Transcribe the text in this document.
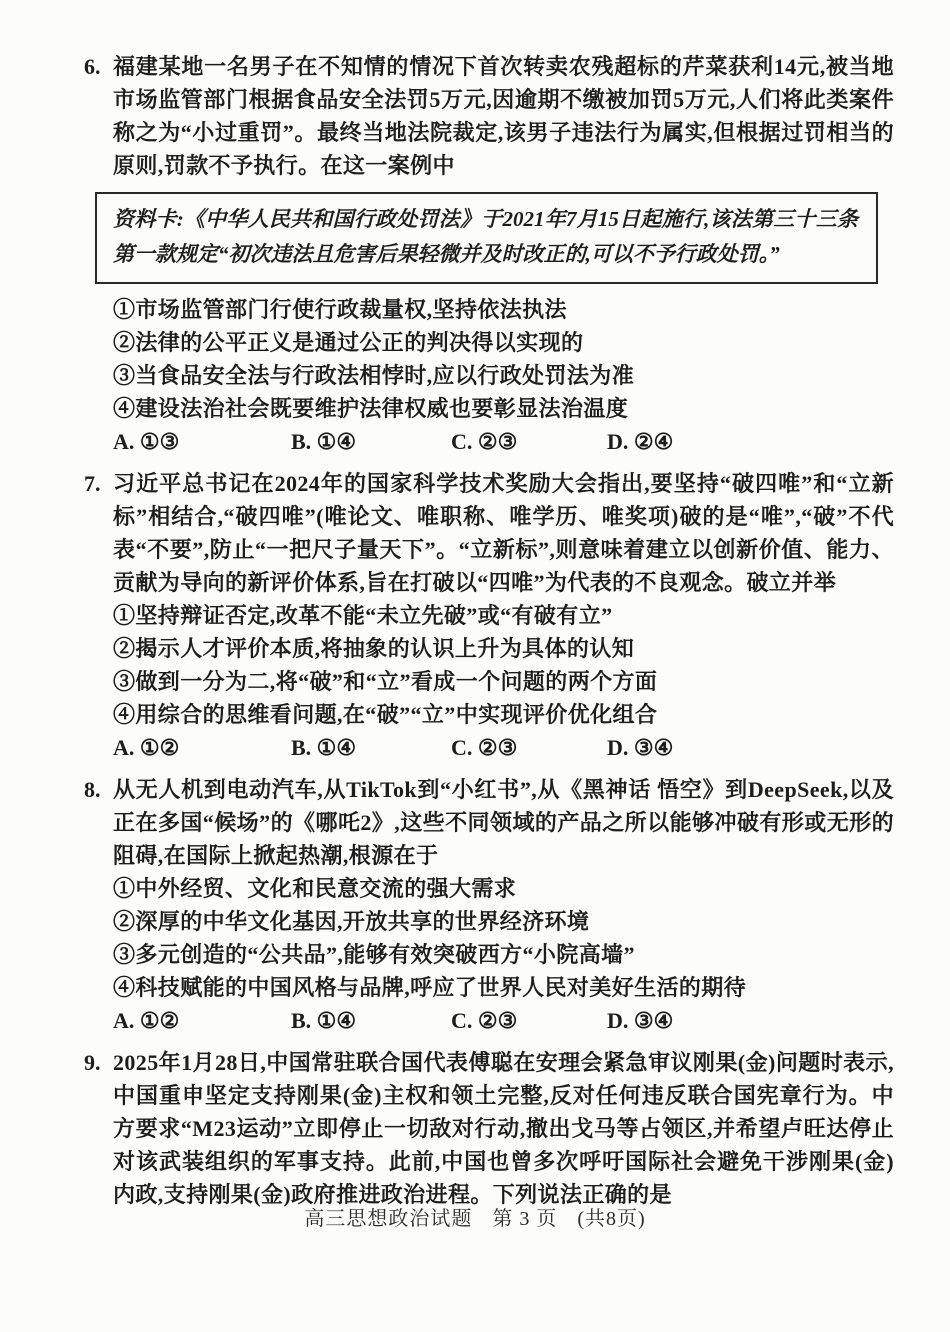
6. 福建某地一名男子在不知情的情况下首次转卖农残超标的芹菜获利14元,被当地市场监管部门根据食品安全法罚5万元,因逾期不缴被加罚5万元,人们将此类案件称之为“小过重罚”。最终当地法院裁定,该男子违法行为属实,但根据过罚相当的原则,罚款不予执行。在这一案例中

资料卡:《中华人民共和国行政处罚法》于2021年7月15日起施行,该法第三十三条第一款规定“初次违法且危害后果轻微并及时改正的,可以不予行政处罚。”
①市场监管部门行使行政裁量权,坚持依法执法
②法律的公平正义是通过公正的判决得以实现的
③当食品安全法与行政法相悖时,应以行政处罚法为准
④建设法治社会既要维护法律权威也要彰显法治温度
A. ①③	B. ①④	C. ②③	D. ②④
7. 习近平总书记在2024年的国家科学技术奖励大会指出,要坚持“破四唯”和“立新标”相结合,“破四唯”(唯论文、唯职称、唯学历、唯奖项)破的是“唯”,“破”不代表“不要”,防止“一把尺子量天下”。“立新标”,则意味着建立以创新价值、能力、贡献为导向的新评价体系,旨在打破以“四唯”为代表的不良观念。破立并举

①坚持辩证否定,改革不能“未立先破”或“有破有立”
②揭示人才评价本质,将抽象的认识上升为具体的认知
③做到一分为二,将“破”和“立”看成一个问题的两个方面
④用综合的思维看问题,在“破”“立”中实现评价优化组合
A. ①②	B. ①④	C. ②③	D. ③④
8. 从无人机到电动汽车,从TikTok到“小红书”,从《黑神话 悟空》到DeepSeek,以及正在多国“候场”的《哪吒2》,这些不同领域的产品之所以能够冲破有形或无形的阻碍,在国际上掀起热潮,根源在于

①中外经贸、文化和民意交流的强大需求
②深厚的中华文化基因,开放共享的世界经济环境
③多元创造的“公共品”,能够有效突破西方“小院高墙”
④科技赋能的中国风格与品牌,呼应了世界人民对美好生活的期待
A. ①②	B. ①④	C. ②③	D. ③④
9. 2025年1月28日,中国常驻联合国代表傅聪在安理会紧急审议刚果(金)问题时表示,中国重申坚定支持刚果(金)主权和领土完整,反对任何违反联合国宪章行为。中方要求“M23运动”立即停止一切敌对行动,撤出戈马等占领区,并希望卢旺达停止对该武装组织的军事支持。此前,中国也曾多次呼吁国际社会避免干涉刚果(金)内政,支持刚果(金)政府推进政治进程。下列说法正确的是

高三思想政治试题 第 3 页 (共8页)
